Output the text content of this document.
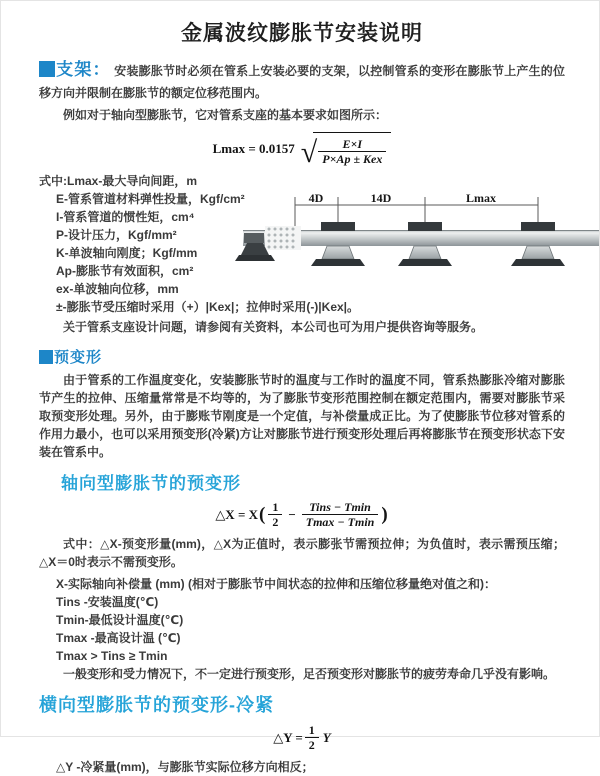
金属波纹膨胀节安装说明

支架： 安装膨胀节时必须在管系上安装必要的支架，以控制管系的变形在膨胀节上产生的位移方向并限制在膨胀节的额定位移范围内。

例如对于轴向型膨胀节，它对管系支座的基本要求如图所示：

Lmax = 0.0157 √	E×I
P×Ap ± Kex
式中:Lmax-最大导向间距，m
E-管系管道材料弹性投量，Kgf/cm²
I-管系管道的惯性矩，cm⁴
P-设计压力，Kgf/mm²
K-单波轴向刚度；Kgf/mm
Ap-膨胀节有效面积，cm²
ex-单波轴向位移，mm
±-膨胀节受压缩时采用（+）|Kex|；拉伸时采用(-)|Kex|。

关于管系支座设计问题，请参阅有关资料，本公司也可为用户提供咨询等服务。

预变形

由于管系的工作温度变化，安装膨胀节时的温度与工作时的温度不同，管系热膨胀冷缩对膨胀节产生的拉伸、压缩量常常是不均等的，为了膨胀节变形范围控制在额定范围内，需要对膨胀节采取预变形处理。另外，由于膨账节刚度是一个定值，与补偿量成正比。为了使膨胀节位移对管系的作用力最小，也可以采用预变形(冷紧)方让对膨胀节进行预变形处理后再将膨胀节在预变形状态下安装在管系中。

轴向型膨胀节的预变形
△X = X ( $\frac{1}{2}$ −	Tins − Tmin
Tmax − Tmin )

式中：△X-预变形量(mm)，△X为正值时，表示膨张节需预拉伸；为负值时，表示需预压缩；△X＝0时表示不需预变形。

X-实际轴向补偿量 (mm) (相对于膨胀节中间状态的拉伸和压缩位移量绝对值之和)：
Tins -安装温度(℃)
Tmin-最低设计温度(℃)
Tmax -最高设计温 (℃)
Tmax > Tins ≥ Tmin

一般变形和受力情况下，不一定进行预变形，足否预变形对膨胀节的疲劳寿命几乎没有影响。

横向型膨胀节的预变形-冷紧
△Y = $\frac{1}{2}$ Y

△Y -冷紧量(mm)，与膨胀节实际位移方向相反；

4D	14D	Lmax
